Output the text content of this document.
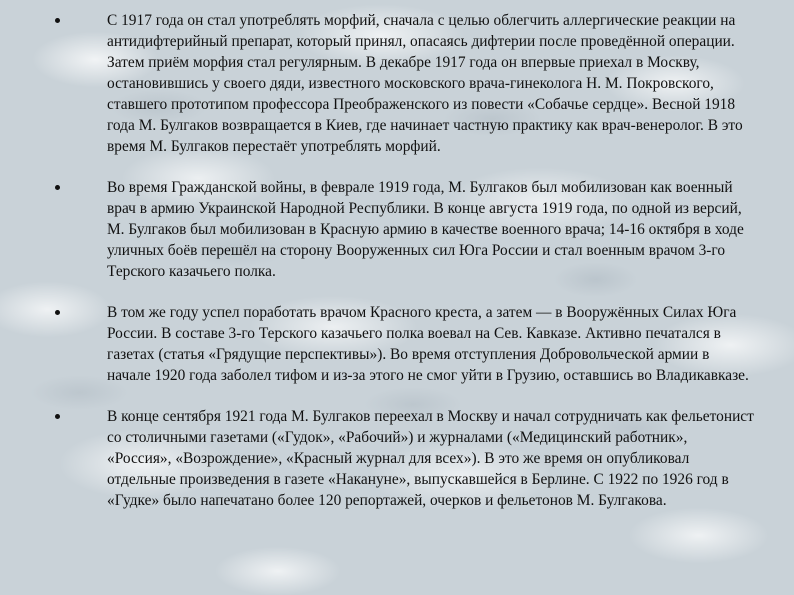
С 1917 года он стал употреблять морфий, сначала с целью облегчить аллергические реакции на антидифтерийный препарат, который принял, опасаясь дифтерии после проведённой операции. Затем приём морфия стал регулярным. В декабре 1917 года он впервые приехал в Москву, остановившись у своего дяди, известного московского врача-гинеколога Н. М. Покровского, ставшего прототипом профессора Преображенского из повести «Собачье сердце». Весной 1918 года М. Булгаков возвращается в Киев, где начинает частную практику как врач-венеролог. В это время М. Булгаков перестаёт употреблять морфий.
Во время Гражданской войны, в феврале 1919 года, М. Булгаков был мобилизован как военный врач в армию Украинской Народной Республики. В конце августа 1919 года, по одной из версий, М. Булгаков был мобилизован в Красную армию в качестве военного врача; 14-16 октября в ходе уличных боёв перешёл на сторону Вооруженных сил Юга России и стал военным врачом 3-го Терского казачьего полка.
В том же году успел поработать врачом Красного креста, а затем — в Вооружённых Силах Юга России. В составе 3-го Терского казачьего полка воевал на Сев. Кавказе. Активно печатался в газетах (статья «Грядущие перспективы»). Во время отступления Добровольческой армии в начале 1920 года заболел тифом и из-за этого не смог уйти в Грузию, оставшись во Владикавказе.
В конце сентября 1921 года М. Булгаков переехал в Москву и начал сотрудничать как фельетонист со столичными газетами («Гудок», «Рабочий») и журналами («Медицинский работник», «Россия», «Возрождение», «Красный журнал для всех»). В это же время он опубликовал отдельные произведения в газете «Накануне», выпускавшейся в Берлине. С 1922 по 1926 год в «Гудке» было напечатано более 120 репортажей, очерков и фельетонов М. Булгакова.
